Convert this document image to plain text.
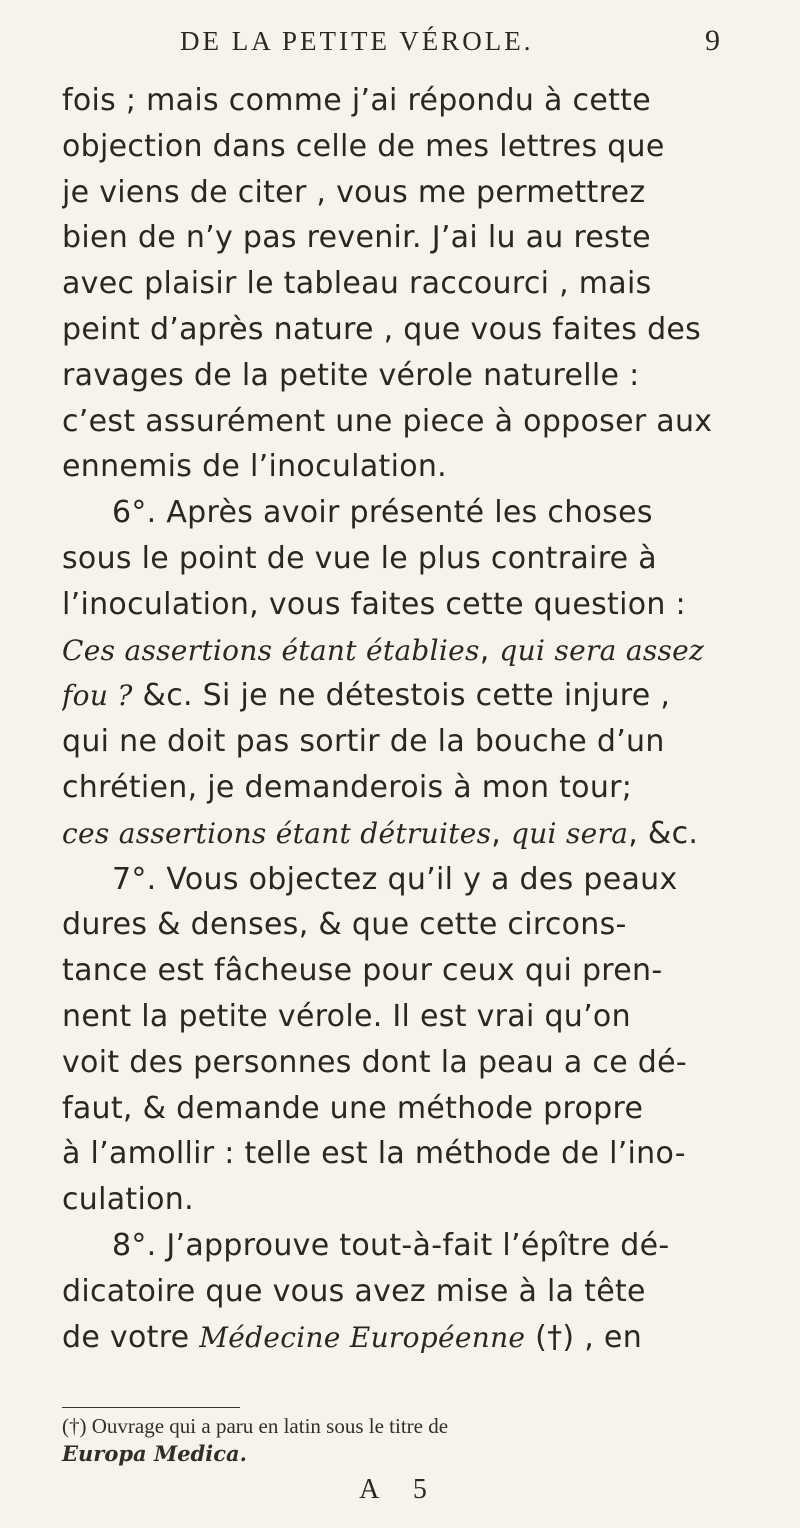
DE LA PETITE VÉROLE.	9
fois ; mais comme j’ai répondu à cette
objection dans celle de mes lettres que
je viens de citer , vous me permettrez
bien de n’y pas revenir. J’ai lu au reste
avec plaisir le tableau raccourci , mais
peint d’après nature , que vous faites des
ravages de la petite vérole naturelle :
c’est assurément une piece à opposer aux
ennemis de l’inoculation.
6°. Après avoir présenté les choses
sous le point de vue le plus contraire à
l’inoculation, vous faites cette question :
Ces assertions étant établies, qui sera assez
fou ? &c. Si je ne détestois cette injure ,
qui ne doit pas sortir de la bouche d’un
chrétien, je demanderois à mon tour;
ces assertions étant détruites, qui sera, &c.
7°. Vous objectez qu’il y a des peaux
dures & denses, & que cette circons-
tance est fâcheuse pour ceux qui pren-
nent la petite vérole. Il est vrai qu’on
voit des personnes dont la peau a ce dé-
faut, & demande une méthode propre
à l’amollir : telle est la méthode de l’ino-
culation.
8°. J’approuve tout-à-fait l’épître dé-
dicatoire que vous avez mise à la tête
de votre Médecine Européenne (†) , en
(†) Ouvrage qui a paru en latin sous le titre de
Europa Medica.
A 5
